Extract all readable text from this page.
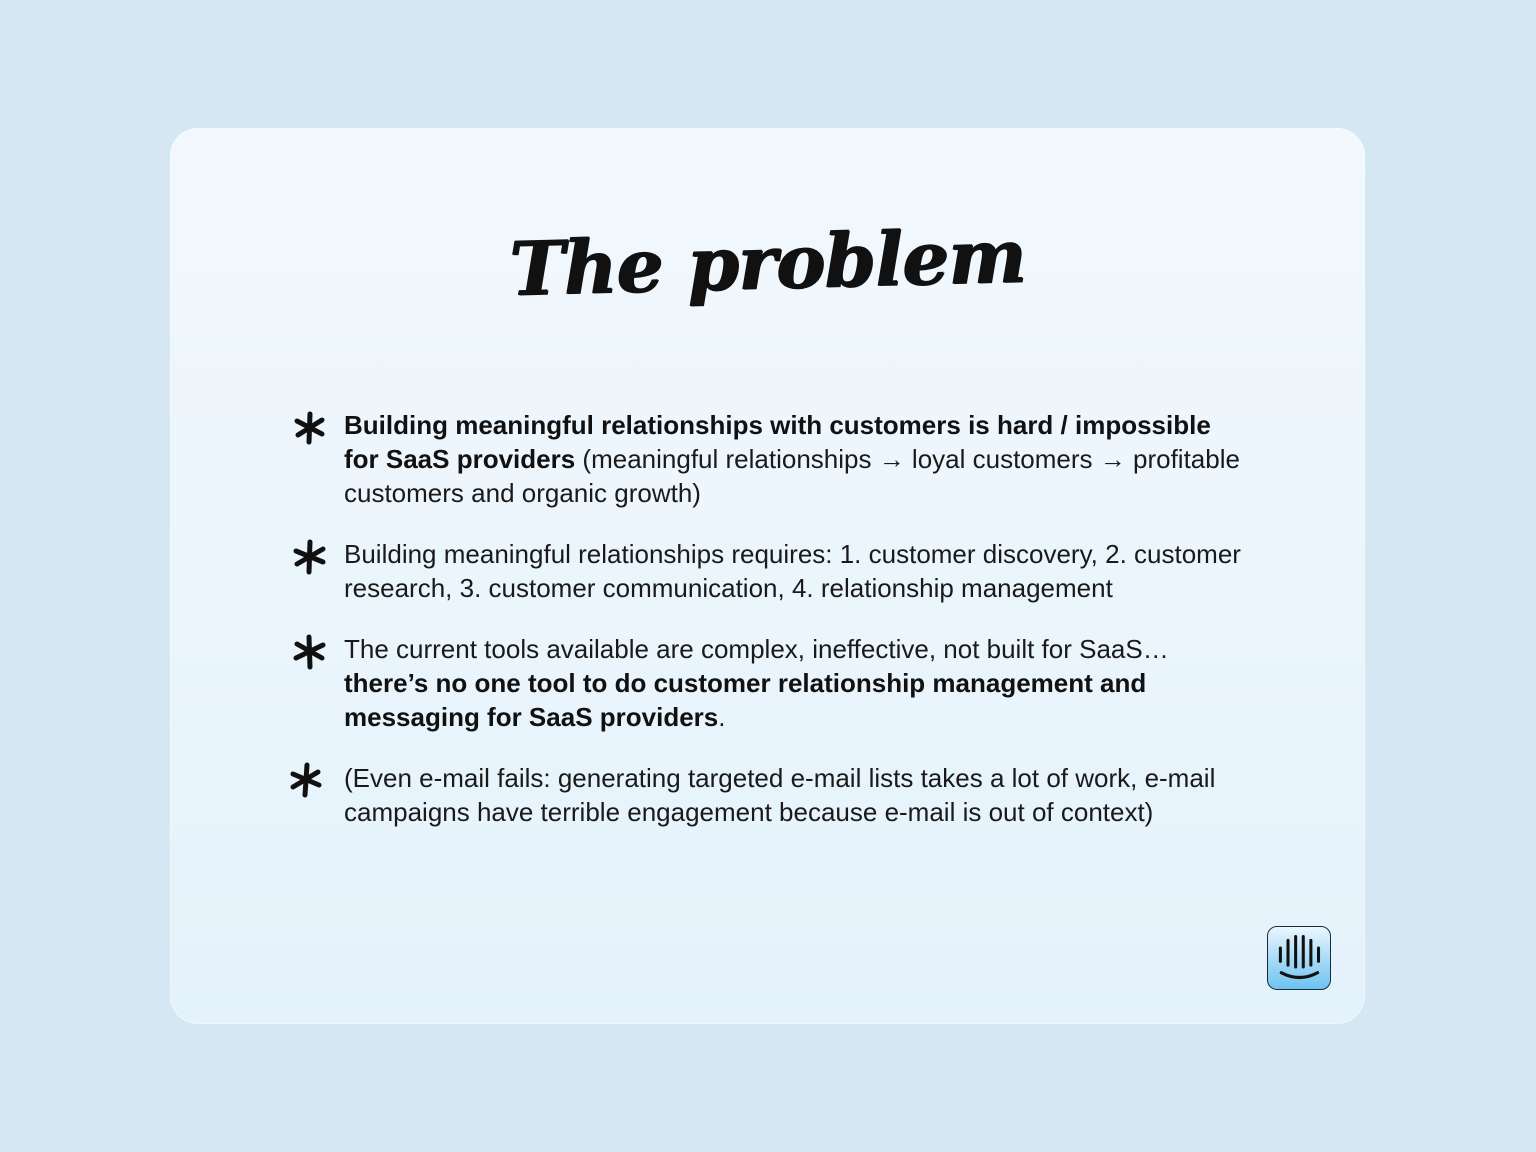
The problem
Building meaningful relationships with customers is hard / impossible for SaaS providers (meaningful relationships → loyal customers → profitable customers and organic growth)
Building meaningful relationships requires: 1. customer discovery, 2. customer research, 3. customer communication, 4. relationship management
The current tools available are complex, ineffective, not built for SaaS… there’s no one tool to do customer relationship management and messaging for SaaS providers.
(Even e-mail fails: generating targeted e-mail lists takes a lot of work, e-mail campaigns have terrible engagement because e-mail is out of context)
